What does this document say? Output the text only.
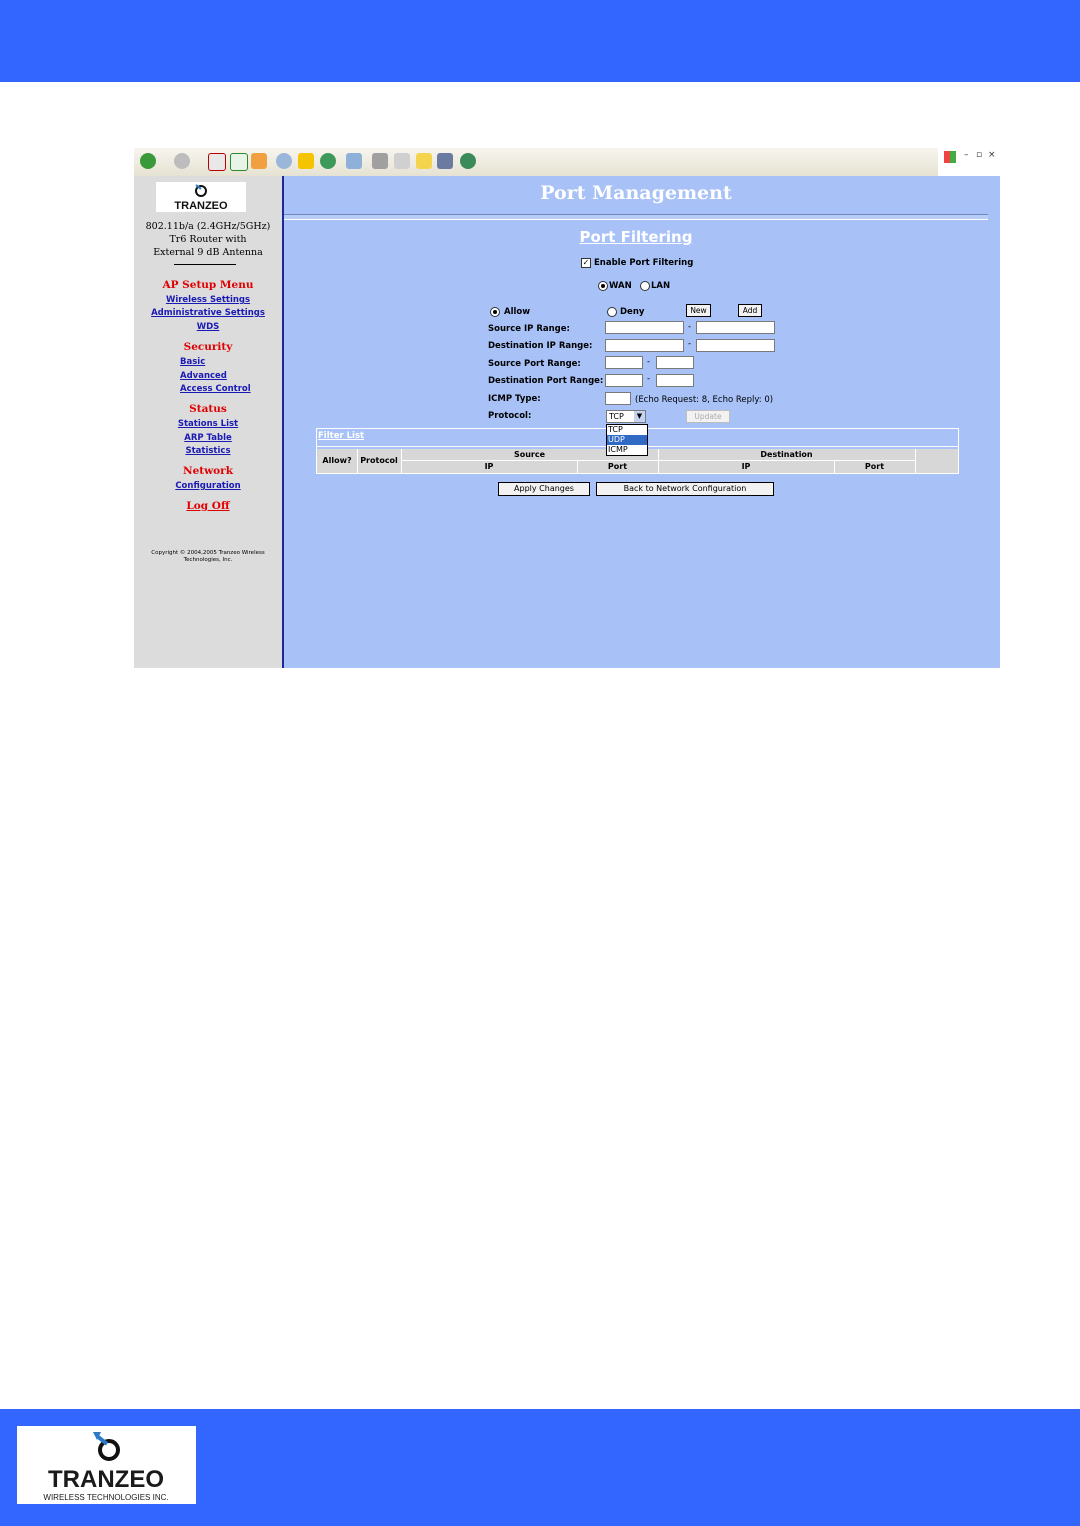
– ▫ ×
TRANZEO
802.11b/a (2.4GHz/5GHz)
Tr6 Router with
External 9 dB Antenna
AP Setup Menu
Wireless Settings
Administrative Settings
WDS
Security
Basic
Advanced
Access Control
Status
Stations List
ARP Table
Statistics
Network
Configuration
Log Off
Copyright © 2004,2005 Tranzeo Wireless Technologies, Inc.
Port Management
Port Filtering
✓ Enable Port Filtering
WAN LAN
Allow	Deny	New	Add
Source IP Range:	-
Destination IP Range:	-
Source Port Range:	-
Destination Port Range:	-
ICMP Type:	(Echo Request: 8, Echo Reply: 0)
Protocol:	TCP	▼	Update
Filter List
Allow?	Protocol
Source	Destination
IP	Port	IP	Port
TCP
UDP
ICMP
Apply Changes	Back to Network Configuration
TRANZEO
WIRELESS TECHNOLOGIES INC.
